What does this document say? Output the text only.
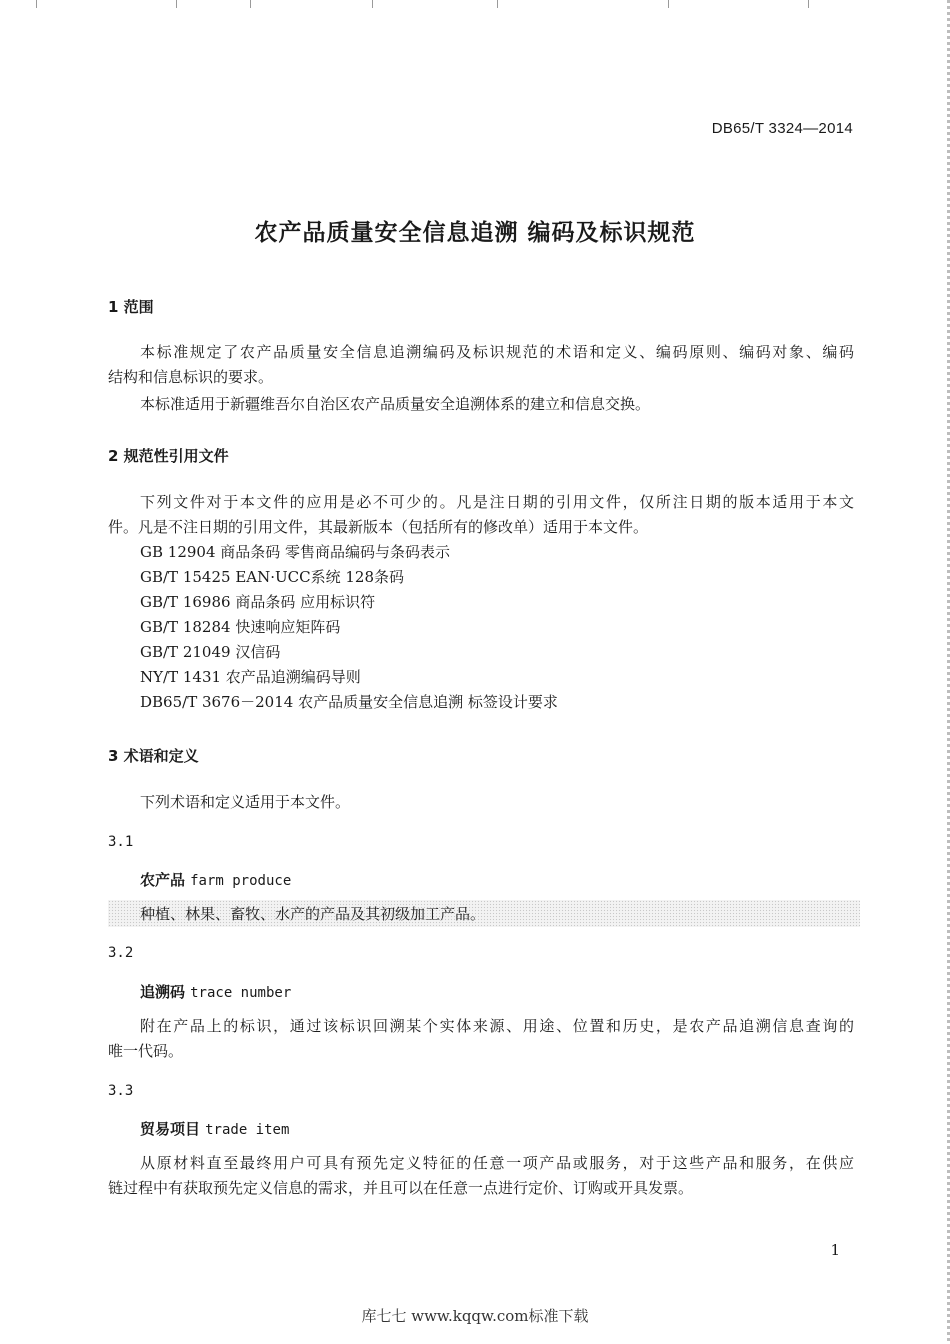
DB65/T 3324—2014
农产品质量安全信息追溯 编码及标识规范
1 范围
本标准规定了农产品质量安全信息追溯编码及标识规范的术语和定义、编码原则、编码对象、编码
结构和信息标识的要求。
本标准适用于新疆维吾尔自治区农产品质量安全追溯体系的建立和信息交换。
2 规范性引用文件
下列文件对于本文件的应用是必不可少的。凡是注日期的引用文件，仅所注日期的版本适用于本文
件。凡是不注日期的引用文件，其最新版本（包括所有的修改单）适用于本文件。
GB 12904 商品条码 零售商品编码与条码表示
GB/T 15425 EAN·UCC系统 128条码
GB/T 16986 商品条码 应用标识符
GB/T 18284 快速响应矩阵码
GB/T 21049 汉信码
NY/T 1431 农产品追溯编码导则
DB65/T 3676－2014 农产品质量安全信息追溯 标签设计要求
3 术语和定义
下列术语和定义适用于本文件。
3.1
农产品 farm produce
种植、林果、畜牧、水产的产品及其初级加工产品。
3.2
追溯码 trace number
附在产品上的标识，通过该标识回溯某个实体来源、用途、位置和历史，是农产品追溯信息查询的
唯一代码。
3.3
贸易项目 trade item
从原材料直至最终用户可具有预先定义特征的任意一项产品或服务，对于这些产品和服务，在供应
链过程中有获取预先定义信息的需求，并且可以在任意一点进行定价、订购或开具发票。
1
库七七 www.kqqw.com标准下载
